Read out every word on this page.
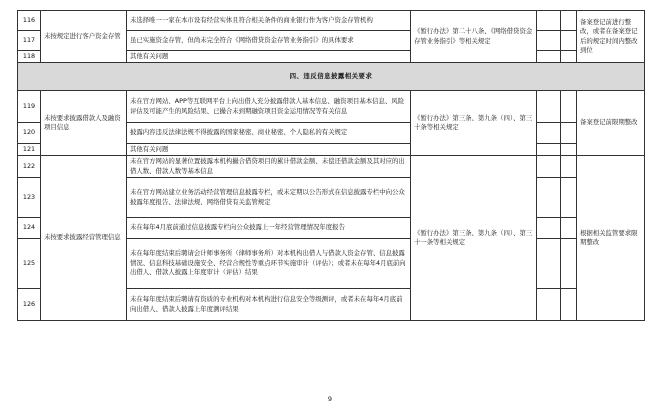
116	未按规定进行客户资金存管	未选择唯一一家在本市设有经营实体且符合相关条件的商业银行作为客户资金存管机构	《暂行办法》第二十八条、《网络借贷资金存管业务指引》等相关规定			备案登记前进行整改，或者在备案登记后的规定时间内整改到位
117		虽已实施资金存管，但尚未完全符合《网络借贷资金存管业务指引》的具体要求				
118		其他有关问题				
四、违反信息披露相关要求						
119	未按要求披露借款人及融资项目信息	未在官方网站、APP等互联网平台上向出借人充分披露借款人基本信息、融资项目基本信息、风险评估及可能产生的风险结果、已撮合未到期融资项目资金运用情况等有关信息	《暂行办法》第三条、第九条（四）、第三十条等相关规定			备案登记前限期整改
120		披露内容违反法律法规不得披露的国家秘密、商业秘密、个人隐私的有关规定				
121		其他有关问题				
122	未按要求披露经营管理信息	未在官方网站的显著位置披露本机构撮合借贷项目的累计借款金额、未偿还借款金额及其对应的出借人数、借款人数等基本信息	《暂行办法》第三条、第九条（四）、第三十一条等相关规定			根据相关监管要求限期整改
123		未在官方网站建立业务活动经营管理信息披露专栏，或未定期以公告形式在信息披露专栏中向公众披露年度报告、法律法规、网络借贷有关监管规定				
124		未在每年4月底前通过信息披露专栏向公众披露上一年经营管理情况年度报告				
125		未在每年度结束后聘请会计师事务所（律师事务所）对本机构出借人与借款人资金存管、信息披露情况、信息科技基础设施安全、经营合规性等重点环节实施审计（评估）；或者未在每年4月底前向出借人、借款人披露上年度审计（评估）结果				
126		未在每年度结束后聘请有资质的专业机构对本机构进行信息安全等级测评，或者未在每年4月底前向出借人、借款人披露上年度测评结果				
9
